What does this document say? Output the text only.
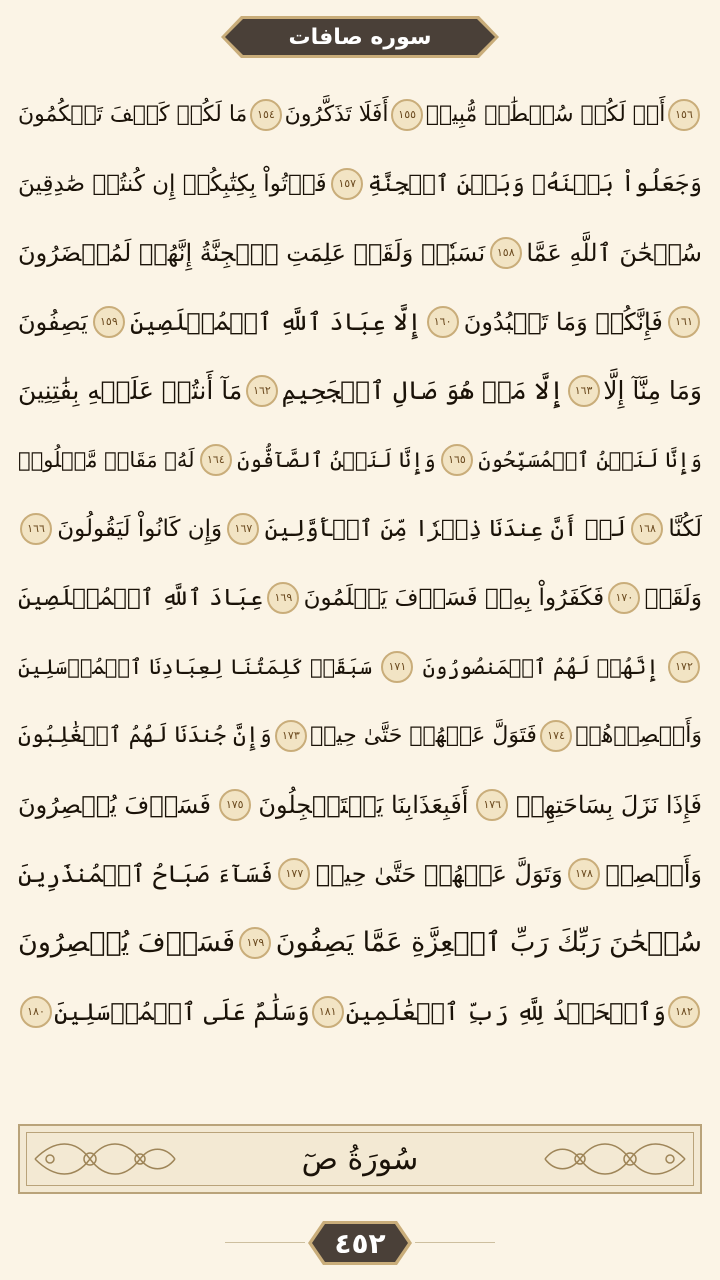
سوره صافات
١٥٦
أَمۡ لَكُمۡ سُلۡطَٰنٞ مُّبِينٞ
١٥٥
أَفَلَا تَذَكَّرُونَ
١٥٤
مَا لَكُمۡ كَيۡفَ تَحۡكُمُونَ
وَجَعَلُواْ بَيۡنَهُۥ وَبَيۡنَ ٱلۡجِنَّةِ
١٥٧
فَأۡتُواْ بِكِتَٰبِكُمۡ إِن كُنتُمۡ صَٰدِقِينَ
سُبۡحَٰنَ ٱللَّهِ عَمَّا
١٥٨
نَسَبٗاۚ وَلَقَدۡ عَلِمَتِ ٱلۡجِنَّةُ إِنَّهُمۡ لَمُحۡضَرُونَ
١٦١
فَإِنَّكُمۡ وَمَا تَعۡبُدُونَ
١٦٠
إِلَّا عِبَادَ ٱللَّهِ ٱلۡمُخۡلَصِينَ
١٥٩
يَصِفُونَ
وَمَا مِنَّآ إِلَّا
١٦٣
إِلَّا مَنۡ هُوَ صَالِ ٱلۡجَحِيمِ
١٦٢
مَآ أَنتُمۡ عَلَيۡهِ بِفَٰتِنِينَ
وَإِنَّا لَنَحۡنُ ٱلۡمُسَبِّحُونَ
١٦٥
وَإِنَّا لَنَحۡنُ ٱلصَّآفُّونَ
١٦٤
لَهُۥ مَقَامٞ مَّعۡلُومٞ
لَكُنَّا
١٦٨
لَوۡ أَنَّ عِندَنَا ذِكۡرٗا مِّنَ ٱلۡأَوَّلِينَ
١٦٧
وَإِن كَانُواْ لَيَقُولُونَ
١٦٦
وَلَقَدۡ
١٧٠
فَكَفَرُواْ بِهِۦۖ فَسَوۡفَ يَعۡلَمُونَ
١٦٩
عِبَادَ ٱللَّهِ ٱلۡمُخۡلَصِينَ
١٧٢
إِنَّهُمۡ لَهُمُ ٱلۡمَنصُورُونَ
١٧١
سَبَقَتۡ كَلِمَتُنَا لِعِبَادِنَا ٱلۡمُرۡسَلِينَ
وَأَبۡصِرۡهُمۡ
١٧٤
فَتَوَلَّ عَنۡهُمۡ حَتَّىٰ حِينٖ
١٧٣
وَإِنَّ جُندَنَا لَهُمُ ٱلۡغَٰلِبُونَ
فَإِذَا نَزَلَ بِسَاحَتِهِمۡ
١٧٦
أَفَبِعَذَابِنَا يَسۡتَعۡجِلُونَ
١٧٥
فَسَوۡفَ يُبۡصِرُونَ
وَأَبۡصِرۡ
١٧٨
وَتَوَلَّ عَنۡهُمۡ حَتَّىٰ حِينٖ
١٧٧
فَسَآءَ صَبَاحُ ٱلۡمُنذَرِينَ
سُبۡحَٰنَ رَبِّكَ رَبِّ ٱلۡعِزَّةِ عَمَّا يَصِفُونَ
١٧٩
فَسَوۡفَ يُبۡصِرُونَ
١٨٢
وَٱلۡحَمۡدُ لِلَّهِ رَبِّ ٱلۡعَٰلَمِينَ
١٨١
وَسَلَٰمٌ عَلَى ٱلۡمُرۡسَلِينَ
١٨٠
سُورَةُ صٓ
٤٥٢
